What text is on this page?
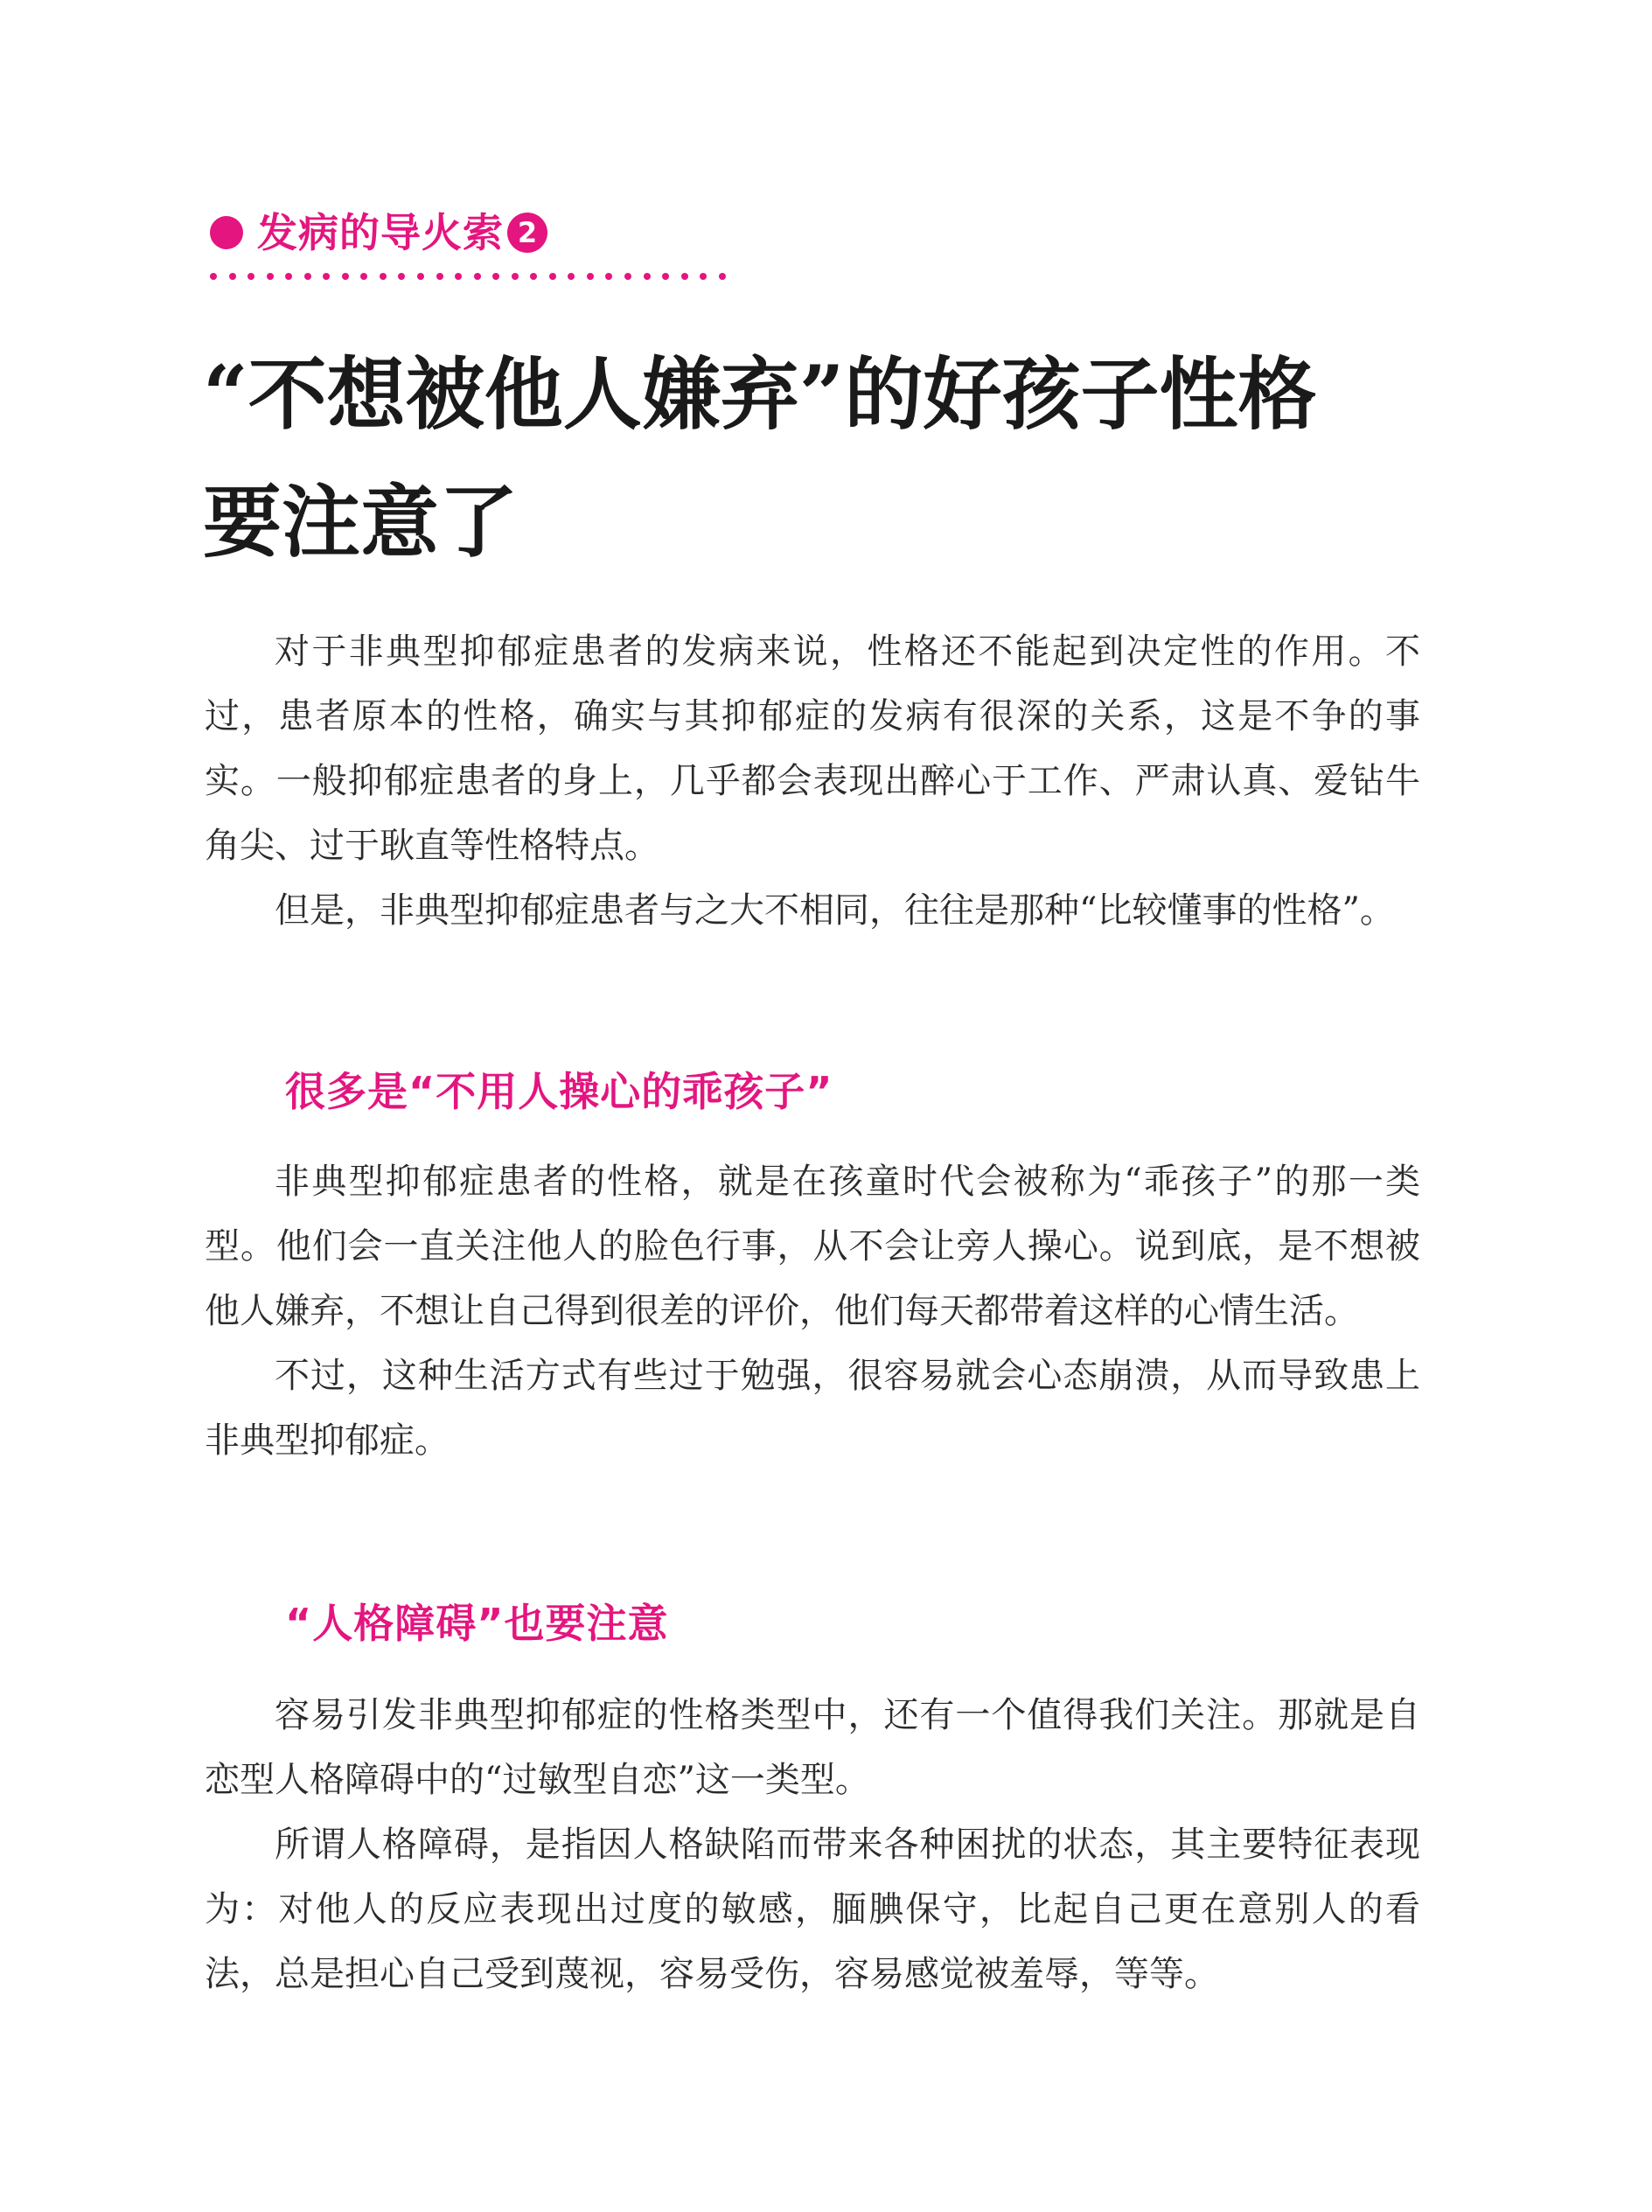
发病的导火索 2
“不想被他人嫌弃”的好孩子性格
要注意了

对于非典型抑郁症患者的发病来说，性格还不能起到决定性的作用。不过，患者原本的性格，确实与其抑郁症的发病有很深的关系，这是不争的事实。一般抑郁症患者的身上，几乎都会表现出醉心于工作、严肃认真、爱钻牛角尖、过于耿直等性格特点。

但是，非典型抑郁症患者与之大不相同，往往是那种“比较懂事的性格”。

很多是“不用人操心的乖孩子”

非典型抑郁症患者的性格，就是在孩童时代会被称为“乖孩子”的那一类型。他们会一直关注他人的脸色行事，从不会让旁人操心。说到底，是不想被他人嫌弃，不想让自己得到很差的评价，他们每天都带着这样的心情生活。

不过，这种生活方式有些过于勉强，很容易就会心态崩溃，从而导致患上非典型抑郁症。

“人格障碍”也要注意

容易引发非典型抑郁症的性格类型中，还有一个值得我们关注。那就是自恋型人格障碍中的“过敏型自恋”这一类型。

所谓人格障碍，是指因人格缺陷而带来各种困扰的状态，其主要特征表现为：对他人的反应表现出过度的敏感，腼腆保守，比起自己更在意别人的看法，总是担心自己受到蔑视，容易受伤，容易感觉被羞辱，等等。
